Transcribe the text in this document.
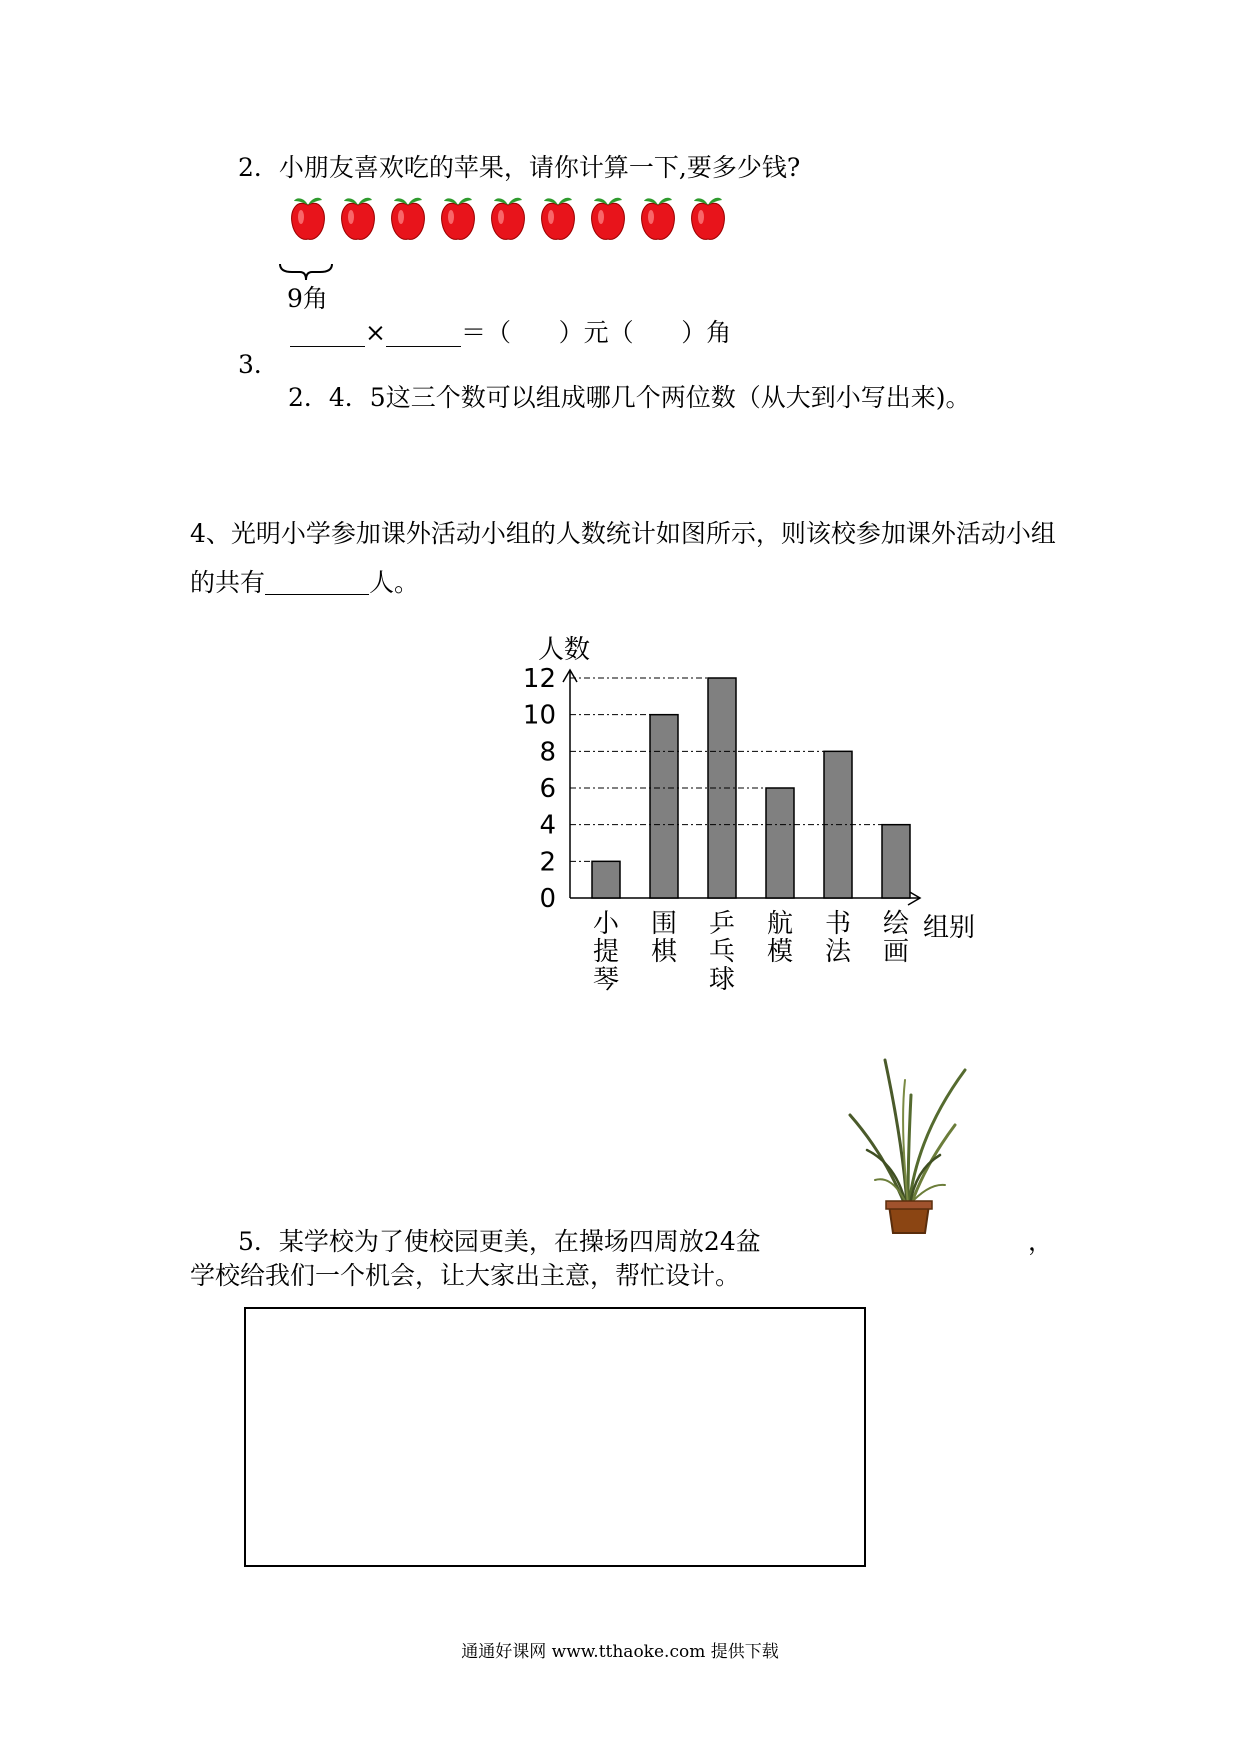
2．小朋友喜欢吃的苹果，请你计算一下,要多少钱?
9角
______×______＝（      ）元（      ）角
3．
2．4．5这三个数可以组成哪几个两位数（从大到小写出来)。
4、光明小学参加课外活动小组的人数统计如图所示，则该校参加课外活动小组
的共有	人。
0
2
4
6
8
10
12
人数
小提琴
围棋
乒乓球
航模
书法
绘画
组别
5．某学校为了使校园更美，在操场四周放24盆	，
学校给我们一个机会，让大家出主意，帮忙设计。
通通好课网 www.tthaoke.com 提供下载
